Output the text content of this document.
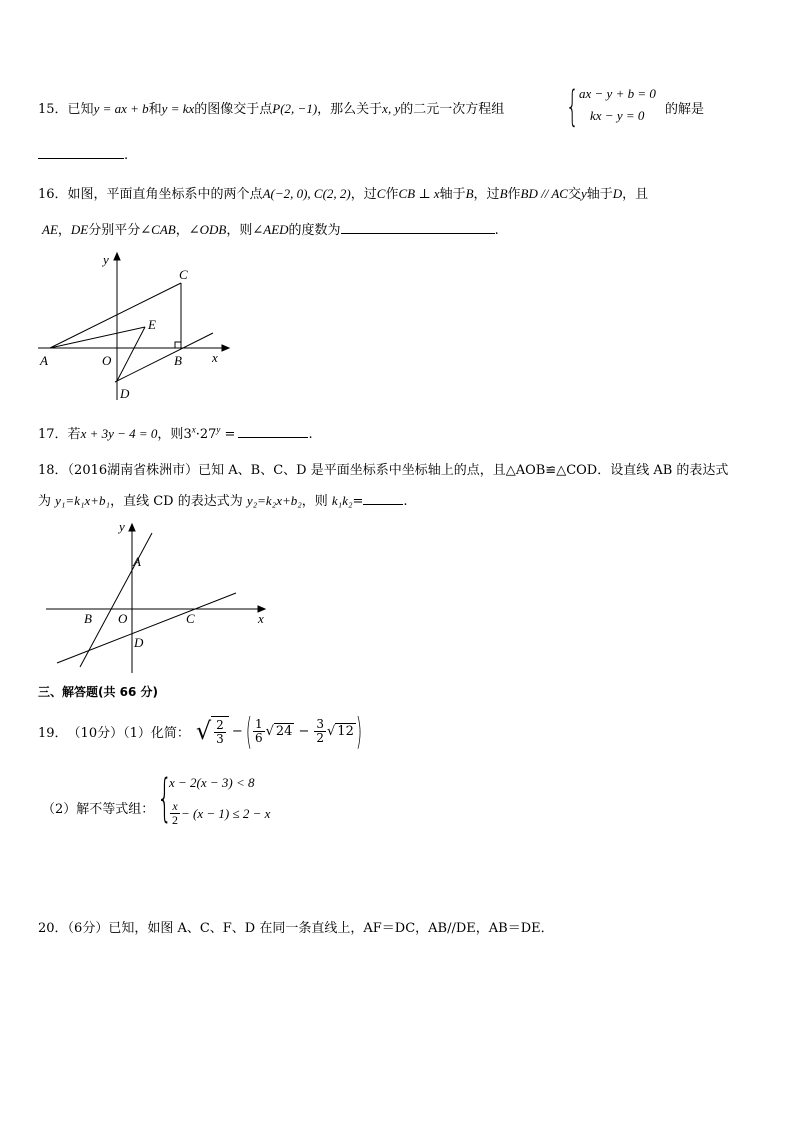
15．已知y = ax + b和y = kx的图像交于点P(2, −1)，那么关于x, y的二元一次方程组	{ ax − y + b = 0
kx − y = 0 的解是
.
16．如图，平面直角坐标系中的两个点A(−2, 0), C(2, 2)，过C作CB ⊥ x轴于B，过B作BD // AC交y轴于D，且
AE，DE分别平分∠CAB，∠ODB，则∠AED的度数为	.
y
x
A	O	B
C
D
E
17．若x + 3y − 4 = 0，则$3^x\cdot 27^y$ =	.
18．（2016湖南省株洲市）已知 A、B、C、D 是平面坐标系中坐标轴上的点，且△AOB≌△COD．设直线 AB 的表达式
为 y₁=k₁x+b₁，直线 CD 的表达式为 y₂=k₂x+b₂，则 k₁k₂=	.
y
x
A
B O	C
D
三、解答题(共 66 分)
19． （10分）（1）化简： √ $\frac{2}{3}$ − ( $\frac{1}{6}$ √ $24 - \frac{3}{2}$ √ 12 )
（2）解不等式组： {
x − 2(x − 3) < 8
$\frac{x}{2} - (x - 1) \le 2 - x$
20．（6分）已知，如图 A、C、F、D 在同一条直线上，AF＝DC，AB//DE，AB＝DE．
